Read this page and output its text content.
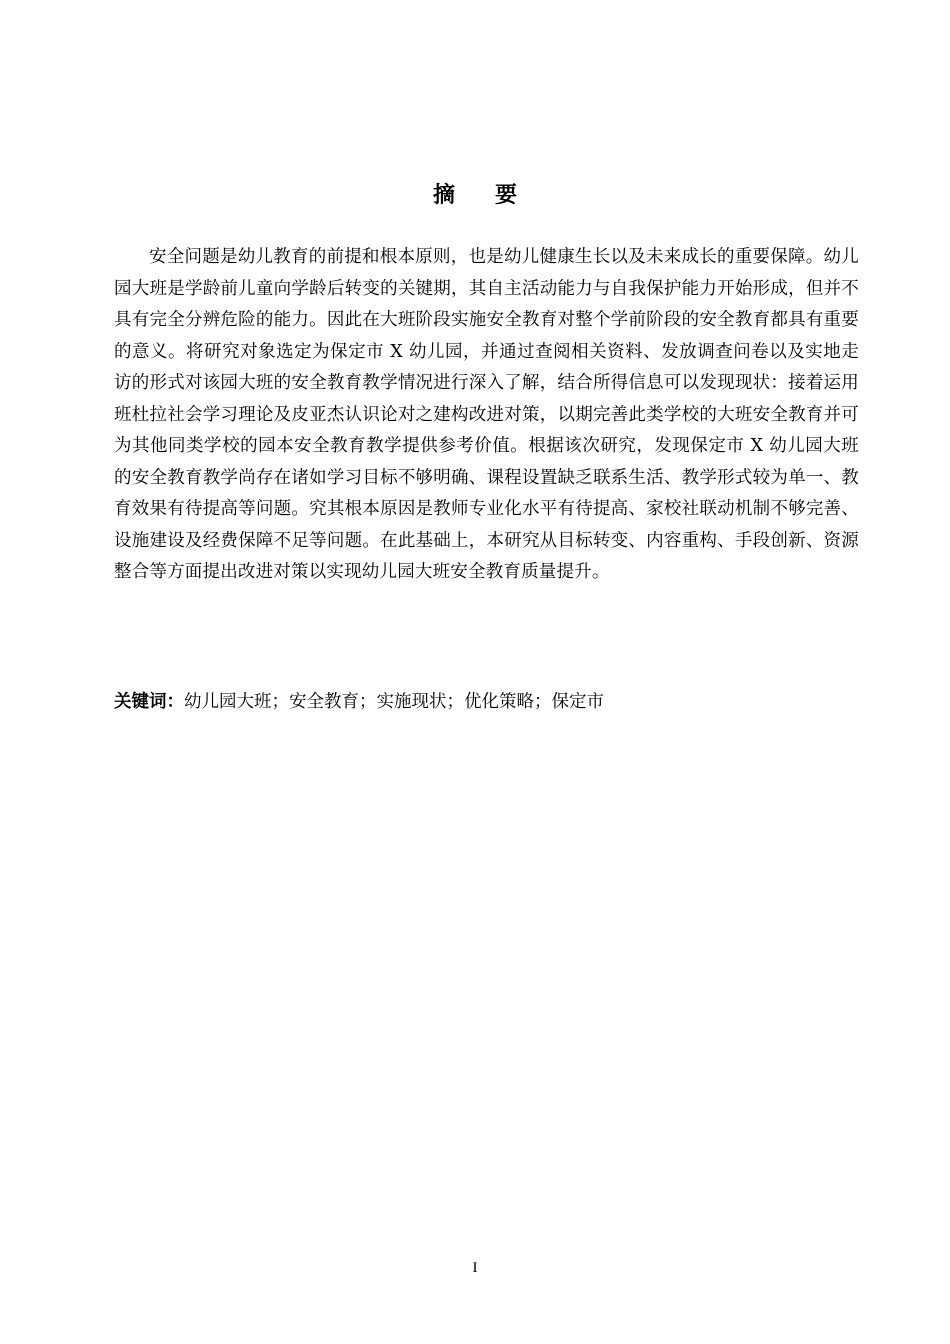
摘 要

安全问题是幼儿教育的前提和根本原则，也是幼儿健康生长以及未来成长的重要保障。幼儿园大班是学龄前儿童向学龄后转变的关键期，其自主活动能力与自我保护能力开始形成，但并不具有完全分辨危险的能力。因此在大班阶段实施安全教育对整个学前阶段的安全教育都具有重要的意义。将研究对象选定为保定市 X 幼儿园，并通过查阅相关资料、发放调查问卷以及实地走访的形式对该园大班的安全教育教学情况进行深入了解，结合所得信息可以发现现状：接着运用班杜拉社会学习理论及皮亚杰认识论对之建构改进对策，以期完善此类学校的大班安全教育并可为其他同类学校的园本安全教育教学提供参考价值。根据该次研究，发现保定市 X 幼儿园大班的安全教育教学尚存在诸如学习目标不够明确、课程设置缺乏联系生活、教学形式较为单一、教育效果有待提高等问题。究其根本原因是教师专业化水平有待提高、家校社联动机制不够完善、设施建设及经费保障不足等问题。在此基础上，本研究从目标转变、内容重构、手段创新、资源整合等方面提出改进对策以实现幼儿园大班安全教育质量提升。

关键词：幼儿园大班；安全教育；实施现状；优化策略；保定市
I
